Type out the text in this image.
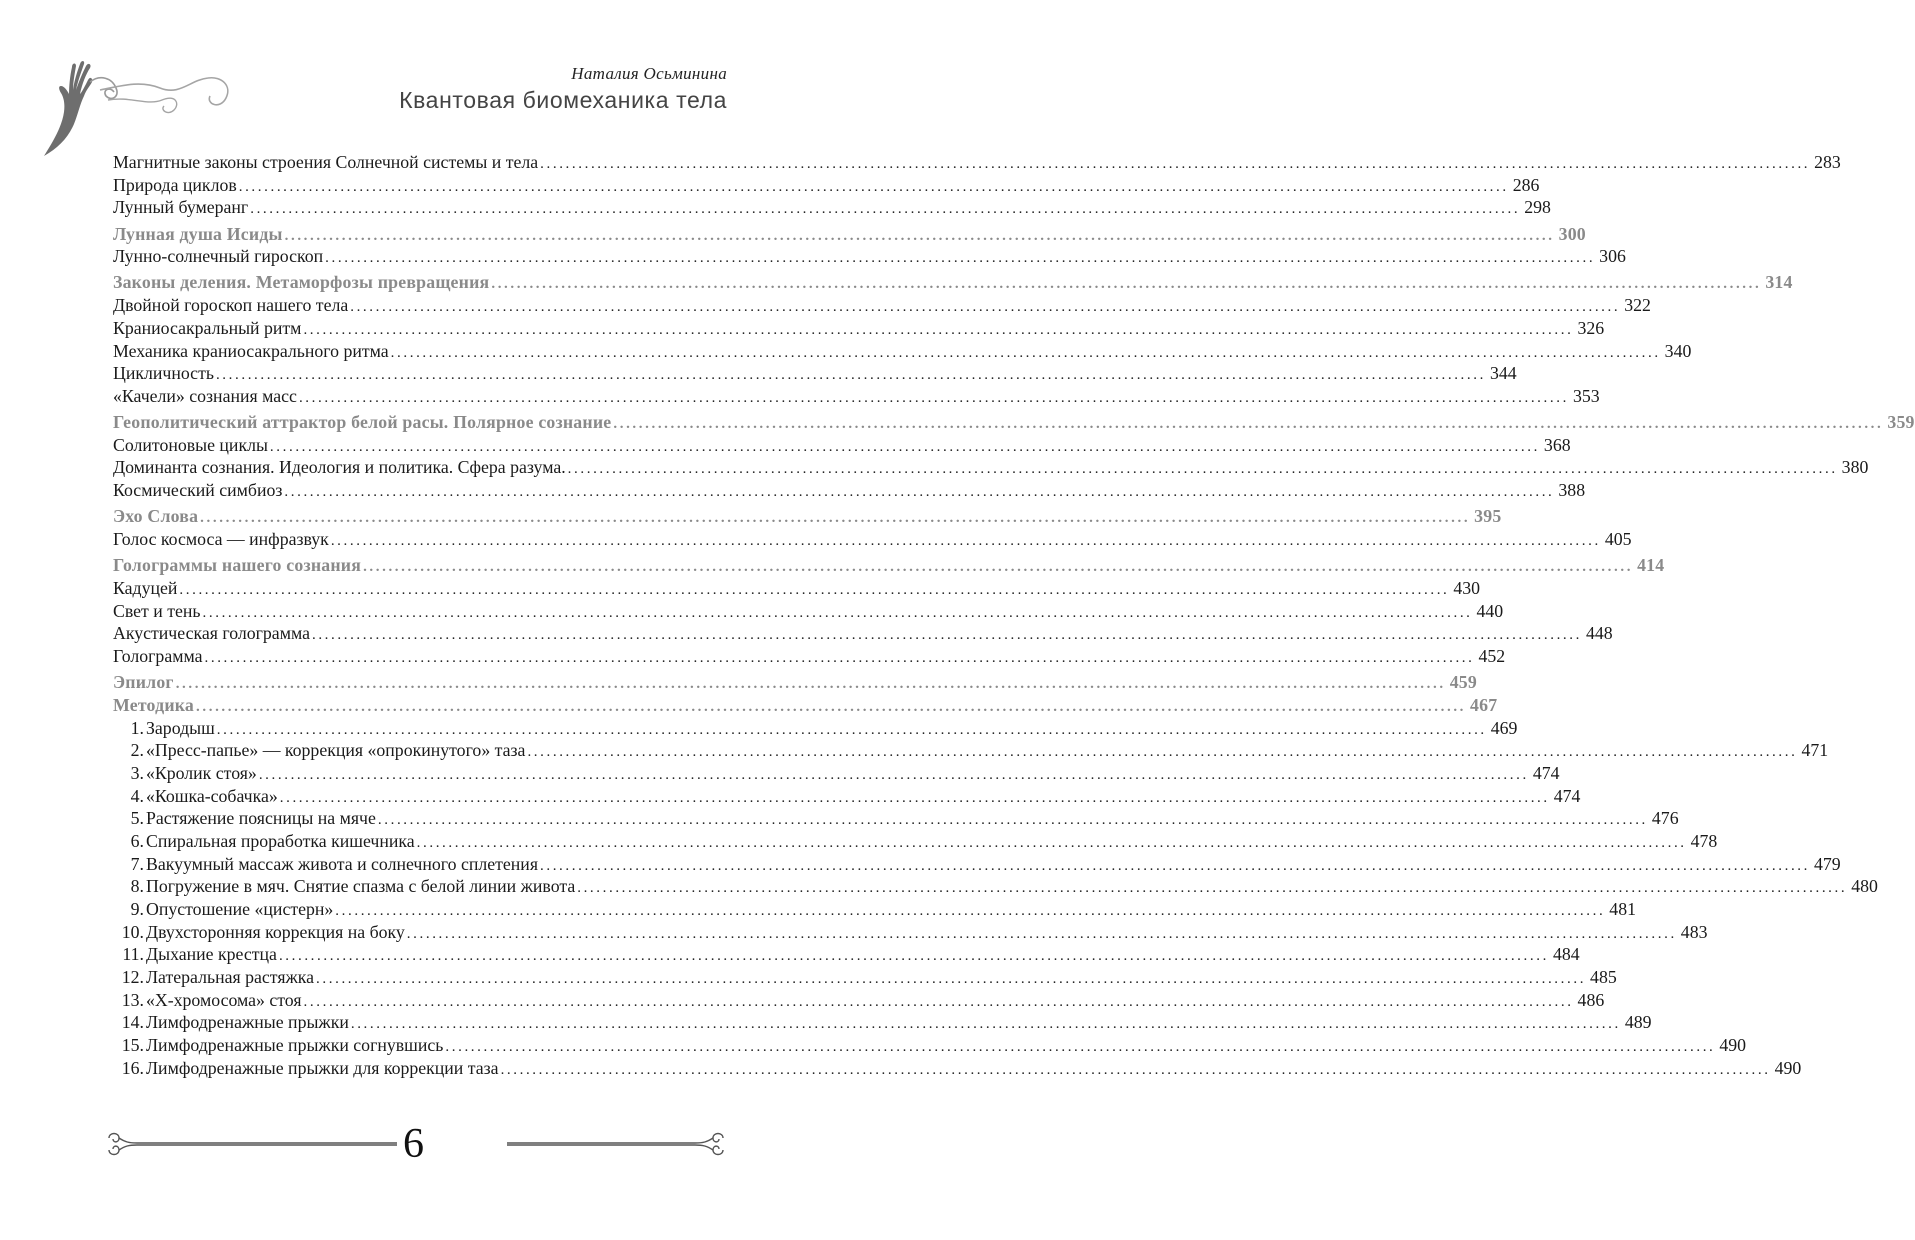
Наталия Осьминина
Квантовая биомеханика тела
Магнитные законы строения Солнечной системы и тела ........................................................................................................................................................................................................ 283
Природа циклов ........................................................................................................................................................................................................ 286
Лунный бумеранг ........................................................................................................................................................................................................ 298
Лунная душа Исиды ........................................................................................................................................................................................................ 300
Лунно-солнечный гироскоп ........................................................................................................................................................................................................ 306
Законы деления. Метаморфозы превращения ........................................................................................................................................................................................................ 314
Двойной гороскоп нашего тела ........................................................................................................................................................................................................ 322
Краниосакральный ритм ........................................................................................................................................................................................................ 326
Механика краниосакрального ритма ........................................................................................................................................................................................................ 340
Цикличность ........................................................................................................................................................................................................ 344
«Качели» сознания масс ........................................................................................................................................................................................................ 353
Геополитический аттрактор белой расы. Полярное сознание ........................................................................................................................................................................................................ 359
Солитоновые циклы ........................................................................................................................................................................................................ 368
Доминанта сознания. Идеология и политика. Сфера разума. ........................................................................................................................................................................................................ 380
Космический симбиоз ........................................................................................................................................................................................................ 388
Эхо Слова ........................................................................................................................................................................................................ 395
Голос космоса — инфразвук ........................................................................................................................................................................................................ 405
Голограммы нашего сознания ........................................................................................................................................................................................................ 414
Кадуцей ........................................................................................................................................................................................................ 430
Свет и тень ........................................................................................................................................................................................................ 440
Акустическая голограмма ........................................................................................................................................................................................................ 448
Голограмма ........................................................................................................................................................................................................ 452
Эпилог ........................................................................................................................................................................................................ 459
Методика ........................................................................................................................................................................................................ 467
1. Зародыш ........................................................................................................................................................................................................ 469
2. «Пресс-папье» — коррекция «опрокинутого» таза ........................................................................................................................................................................................................ 471
3. «Кролик стоя» ........................................................................................................................................................................................................ 474
4. «Кошка-собачка» ........................................................................................................................................................................................................ 474
5. Растяжение поясницы на мяче ........................................................................................................................................................................................................ 476
6. Спиральная проработка кишечника ........................................................................................................................................................................................................ 478
7. Вакуумный массаж живота и солнечного сплетения ........................................................................................................................................................................................................ 479
8. Погружение в мяч. Снятие спазма с белой линии живота ........................................................................................................................................................................................................ 480
9. Опустошение «цистерн» ........................................................................................................................................................................................................ 481
10. Двухсторонняя коррекция на боку ........................................................................................................................................................................................................ 483
11. Дыхание крестца ........................................................................................................................................................................................................ 484
12. Латеральная растяжка ........................................................................................................................................................................................................ 485
13. «Х-хромосома» стоя ........................................................................................................................................................................................................ 486
14. Лимфодренажные прыжки ........................................................................................................................................................................................................ 489
15. Лимфодренажные прыжки согнувшись ........................................................................................................................................................................................................ 490
16. Лимфодренажные прыжки для коррекции таза ........................................................................................................................................................................................................ 490
6
